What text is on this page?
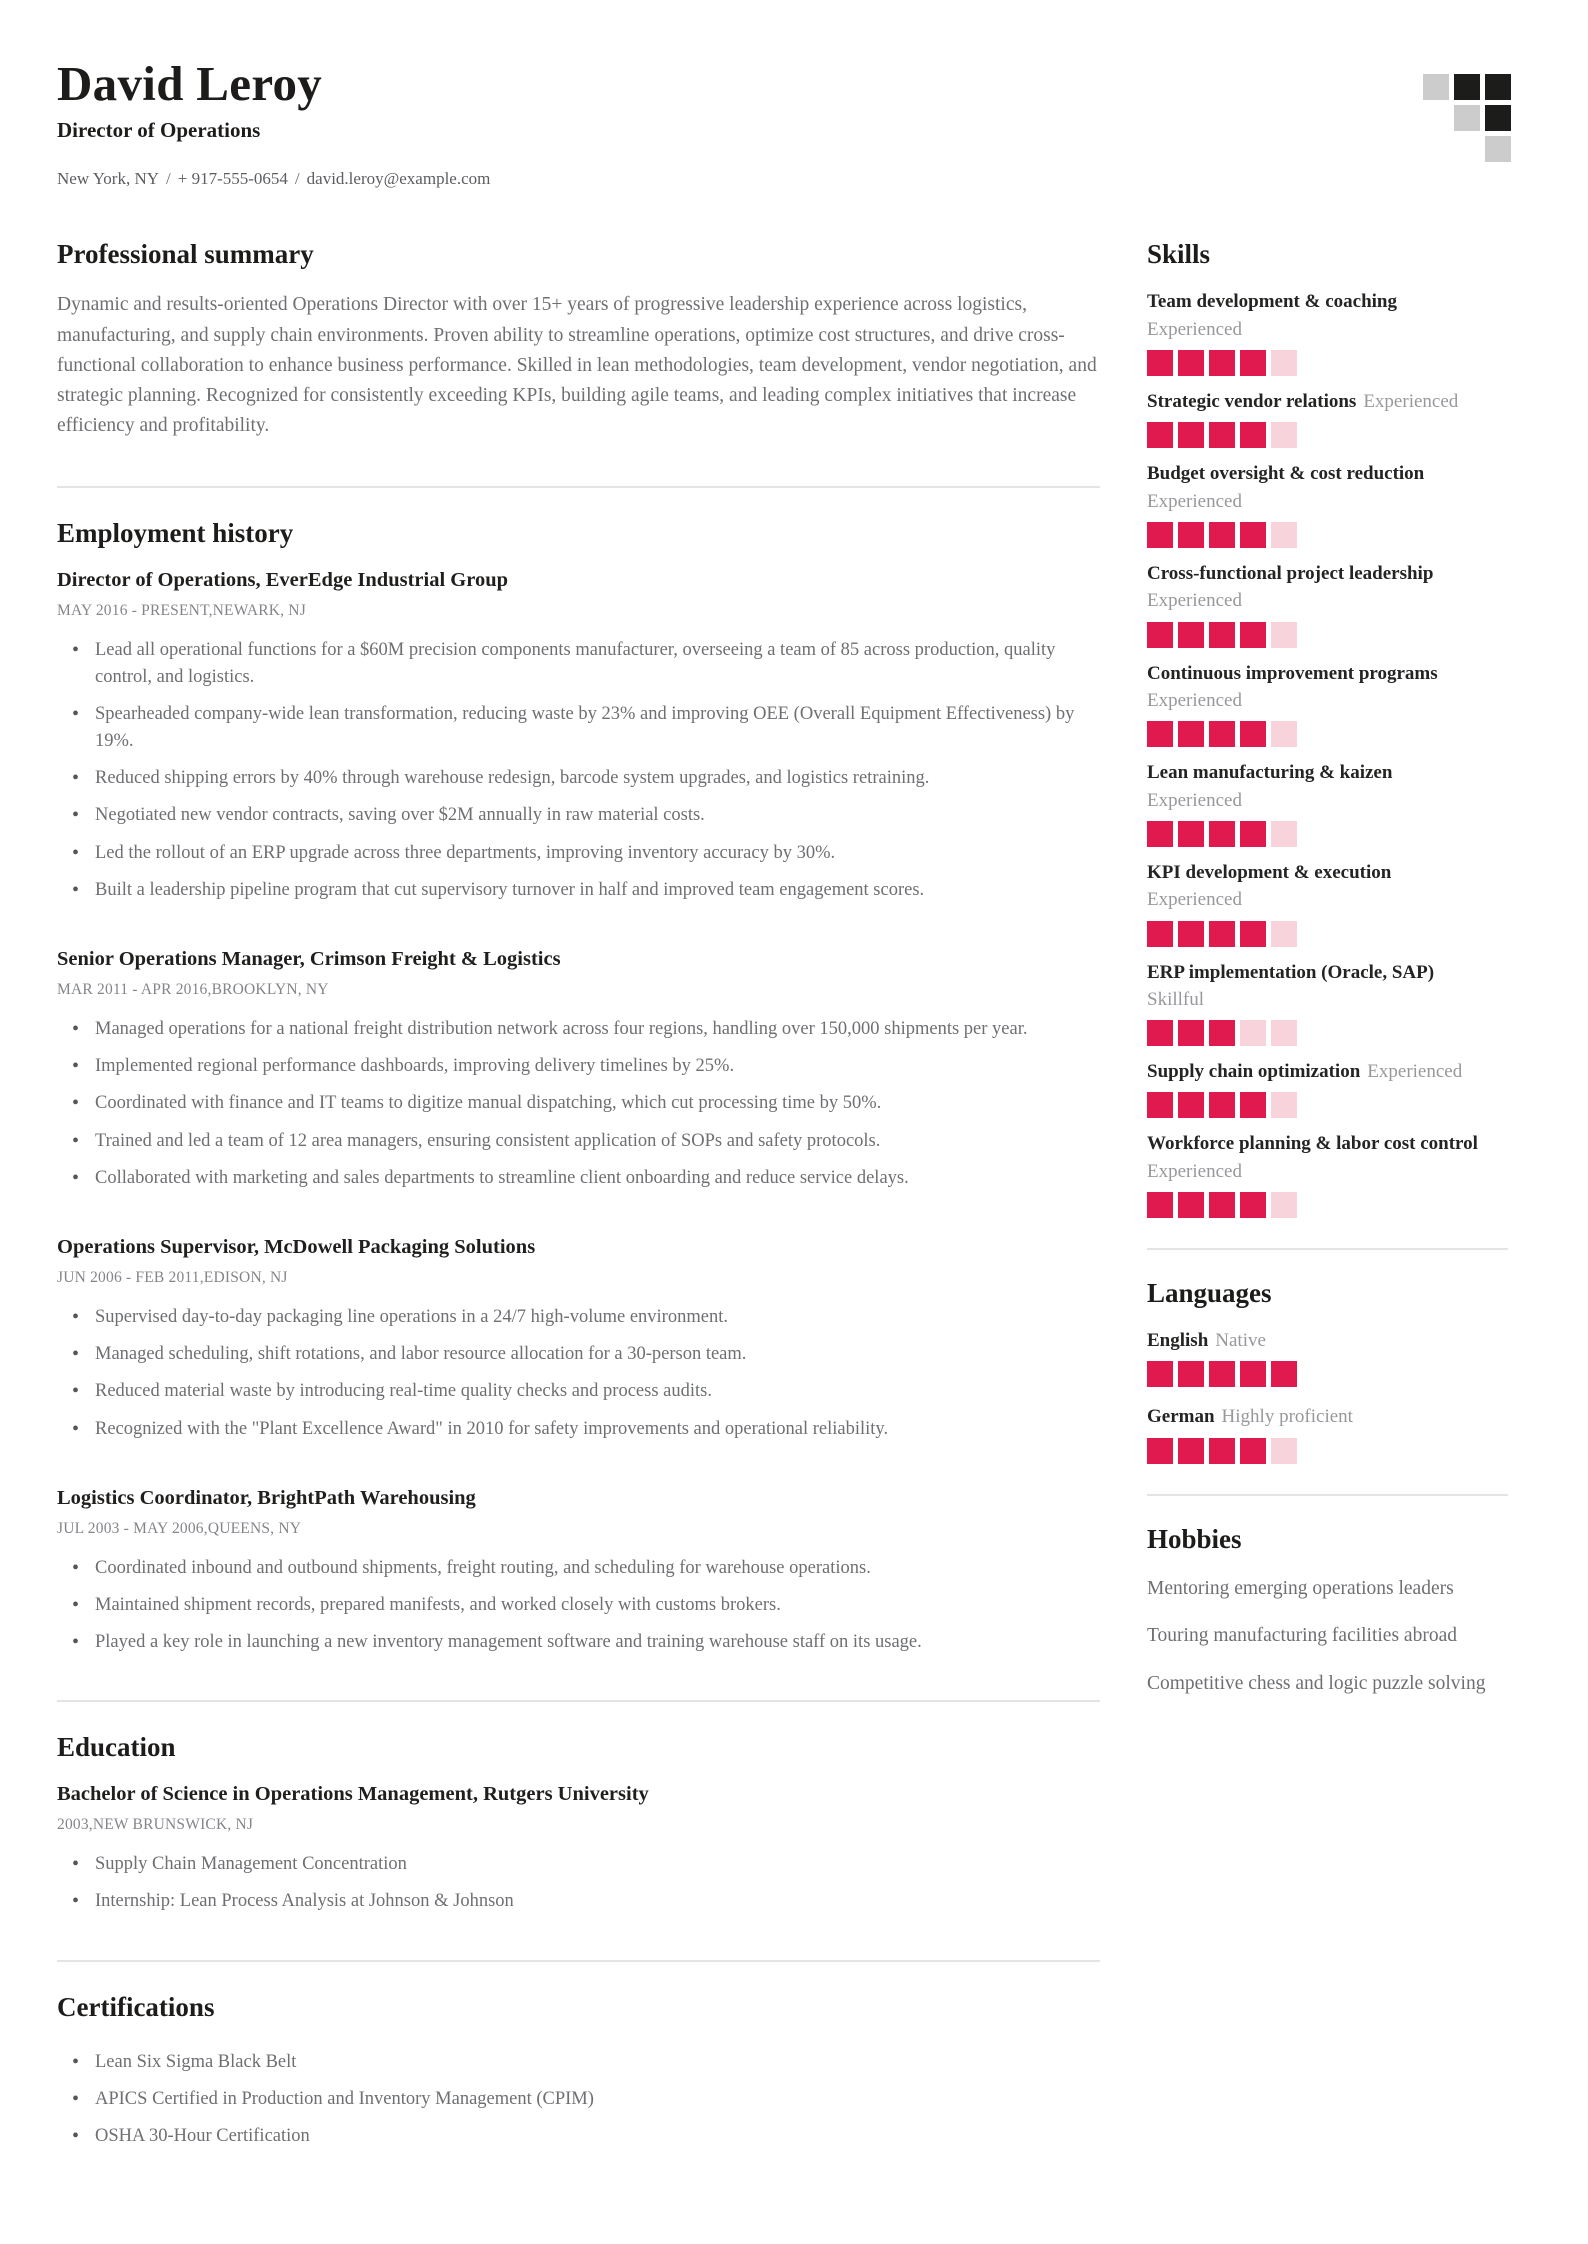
David Leroy
Director of Operations
New York, NY / + 917-555-0654 / david.leroy@example.com
Professional summary

Dynamic and results-oriented Operations Director with over 15+ years of progressive leadership experience across logistics, manufacturing, and supply chain environments. Proven ability to streamline operations, optimize cost structures, and drive cross-functional collaboration to enhance business performance. Skilled in lean methodologies, team development, vendor negotiation, and strategic planning. Recognized for consistently exceeding KPIs, building agile teams, and leading complex initiatives that increase efficiency and profitability.

Employment history
Director of Operations, EverEdge Industrial Group
MAY 2016 - PRESENT,NEWARK, NJ
• Lead all operational functions for a $60M precision components manufacturer, overseeing a team of 85 across production, quality control, and logistics.
• Spearheaded company-wide lean transformation, reducing waste by 23% and improving OEE (Overall Equipment Effectiveness) by 19%.
• Reduced shipping errors by 40% through warehouse redesign, barcode system upgrades, and logistics retraining.
• Negotiated new vendor contracts, saving over $2M annually in raw material costs.
• Led the rollout of an ERP upgrade across three departments, improving inventory accuracy by 30%.
• Built a leadership pipeline program that cut supervisory turnover in half and improved team engagement scores.
Senior Operations Manager, Crimson Freight & Logistics
MAR 2011 - APR 2016,BROOKLYN, NY
• Managed operations for a national freight distribution network across four regions, handling over 150,000 shipments per year.
• Implemented regional performance dashboards, improving delivery timelines by 25%.
• Coordinated with finance and IT teams to digitize manual dispatching, which cut processing time by 50%.
• Trained and led a team of 12 area managers, ensuring consistent application of SOPs and safety protocols.
• Collaborated with marketing and sales departments to streamline client onboarding and reduce service delays.
Operations Supervisor, McDowell Packaging Solutions
JUN 2006 - FEB 2011,EDISON, NJ
• Supervised day-to-day packaging line operations in a 24/7 high-volume environment.
• Managed scheduling, shift rotations, and labor resource allocation for a 30-person team.
• Reduced material waste by introducing real-time quality checks and process audits.
• Recognized with the "Plant Excellence Award" in 2010 for safety improvements and operational reliability.
Logistics Coordinator, BrightPath Warehousing
JUL 2003 - MAY 2006,QUEENS, NY
• Coordinated inbound and outbound shipments, freight routing, and scheduling for warehouse operations.
• Maintained shipment records, prepared manifests, and worked closely with customs brokers.
• Played a key role in launching a new inventory management software and training warehouse staff on its usage.
Education
Bachelor of Science in Operations Management, Rutgers University
2003,NEW BRUNSWICK, NJ
• Supply Chain Management Concentration
• Internship: Lean Process Analysis at Johnson & Johnson
Certifications
• Lean Six Sigma Black Belt
• APICS Certified in Production and Inventory Management (CPIM)
• OSHA 30-Hour Certification
Skills
Team development & coaching
Experienced
Strategic vendor relations Experienced
Budget oversight & cost reduction
Experienced
Cross-functional project leadership
Experienced
Continuous improvement programs
Experienced
Lean manufacturing & kaizen
Experienced
KPI development & execution
Experienced
ERP implementation (Oracle, SAP)
Skillful
Supply chain optimization Experienced
Workforce planning & labor cost control
Experienced
Languages
English Native
German Highly proficient
Hobbies

Mentoring emerging operations leaders

Touring manufacturing facilities abroad

Competitive chess and logic puzzle solving
